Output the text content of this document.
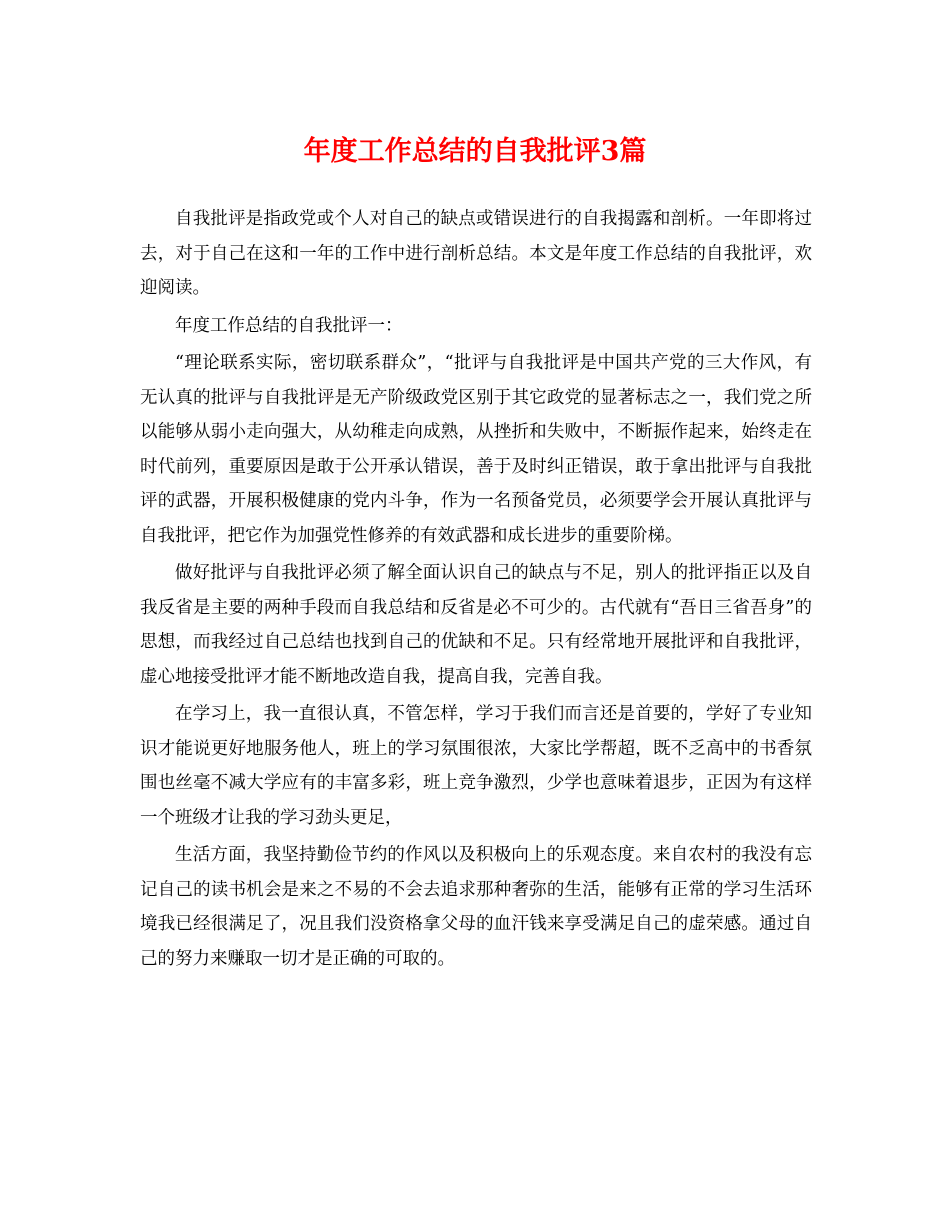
年度工作总结的自我批评3篇

自我批评是指政党或个人对自己的缺点或错误进行的自我揭露和剖析。一年即将过去，对于自己在这和一年的工作中进行剖析总结。本文是年度工作总结的自我批评，欢迎阅读。

年度工作总结的自我批评一：

“理论联系实际，密切联系群众”，“批评与自我批评是中国共产党的三大作风，有无认真的批评与自我批评是无产阶级政党区别于其它政党的显著标志之一，我们党之所以能够从弱小走向强大，从幼稚走向成熟，从挫折和失败中，不断振作起来，始终走在时代前列，重要原因是敢于公开承认错误，善于及时纠正错误，敢于拿出批评与自我批评的武器，开展积极健康的党内斗争，作为一名预备党员，必须要学会开展认真批评与自我批评，把它作为加强党性修养的有效武器和成长进步的重要阶梯。

做好批评与自我批评必须了解全面认识自己的缺点与不足，别人的批评指正以及自我反省是主要的两种手段而自我总结和反省是必不可少的。古代就有“吾日三省吾身”的思想，而我经过自己总结也找到自己的优缺和不足。只有经常地开展批评和自我批评，虚心地接受批评才能不断地改造自我，提高自我，完善自我。

在学习上，我一直很认真，不管怎样，学习于我们而言还是首要的，学好了专业知识才能说更好地服务他人，班上的学习氛围很浓，大家比学帮超，既不乏高中的书香氛围也丝毫不减大学应有的丰富多彩，班上竞争激烈，少学也意味着退步，正因为有这样一个班级才让我的学习劲头更足，

生活方面，我坚持勤俭节约的作风以及积极向上的乐观态度。来自农村的我没有忘记自己的读书机会是来之不易的不会去追求那种奢弥的生活，能够有正常的学习生活环境我已经很满足了，况且我们没资格拿父母的血汗钱来享受满足自己的虚荣感。通过自己的努力来赚取一切才是正确的可取的。
